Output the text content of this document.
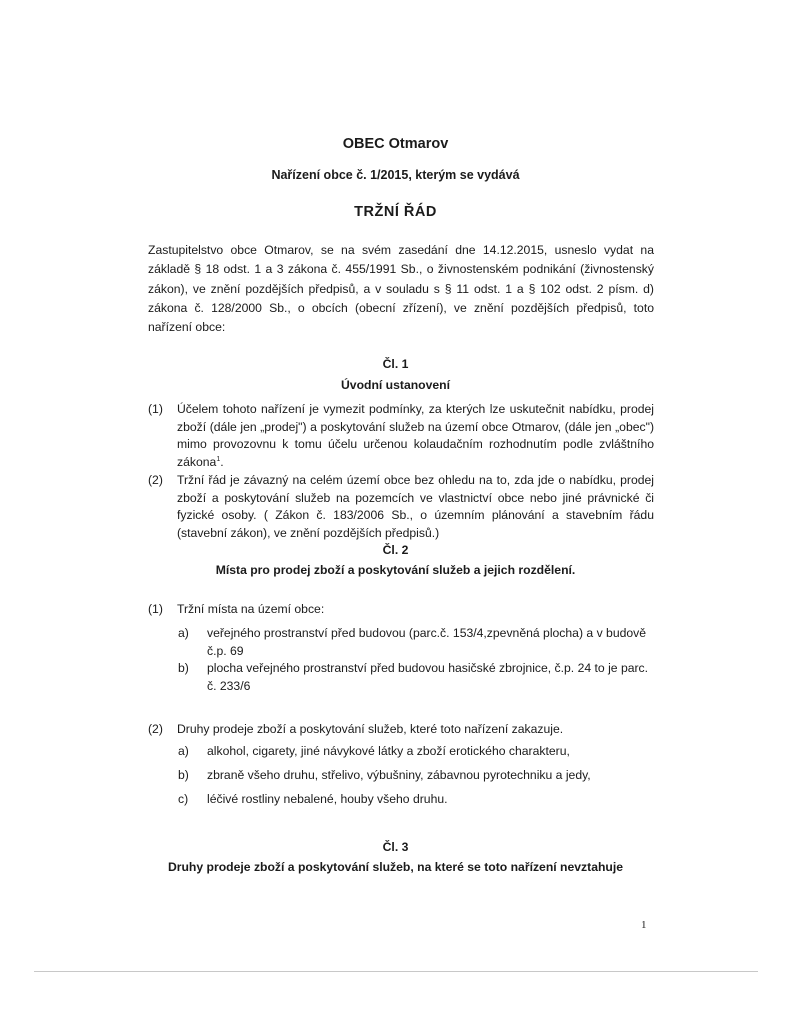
OBEC Otmarov
Nařízení obce č. 1/2015, kterým se vydává
TRŽNÍ ŘÁD
Zastupitelstvo obce Otmarov, se na svém zasedání dne 14.12.2015, usneslo vydat na základě § 18 odst. 1 a 3 zákona č. 455/1991 Sb., o živnostenském podnikání (živnostenský zákon), ve znění pozdějších předpisů, a v souladu s § 11 odst. 1 a § 102 odst. 2 písm. d) zákona č. 128/2000 Sb., o obcích (obecní zřízení), ve znění pozdějších předpisů, toto nařízení obce:
Čl. 1
Úvodní ustanovení
(1) Účelem tohoto nařízení je vymezit podmínky, za kterých lze uskutečnit nabídku, prodej zboží (dále jen „prodej") a poskytování služeb na území obce Otmarov, (dále jen „obec") mimo provozovnu k tomu účelu určenou kolaudačním rozhodnutím podle zvláštního zákona$^1$.
(2) Tržní řád je závazný na celém území obce bez ohledu na to, zda jde o nabídku, prodej zboží a poskytování služeb na pozemcích ve vlastnictví obce nebo jiné právnické či fyzické osoby. ( Zákon č. 183/2006 Sb., o územním plánování a stavebním řádu (stavební zákon), ve znění pozdějších předpisů.)
Čl. 2
Místa pro prodej zboží a poskytování služeb a jejich rozdělení.
(1) Tržní místa na území obce:
a) veřejného prostranství před budovou (parc.č. 153/4,zpevněná plocha) a v budově č.p. 69
b) plocha veřejného prostranství před budovou hasičské zbrojnice, č.p. 24 to je parc. č. 233/6
(2) Druhy prodeje zboží a poskytování služeb, které toto nařízení zakazuje.
a) alkohol, cigarety, jiné návykové látky a zboží erotického charakteru,
b) zbraně všeho druhu, střelivo, výbušniny, zábavnou pyrotechniku a jedy,
c) léčivé rostliny nebalené, houby všeho druhu.
Čl. 3
Druhy prodeje zboží a poskytování služeb, na které se toto nařízení nevztahuje
1
